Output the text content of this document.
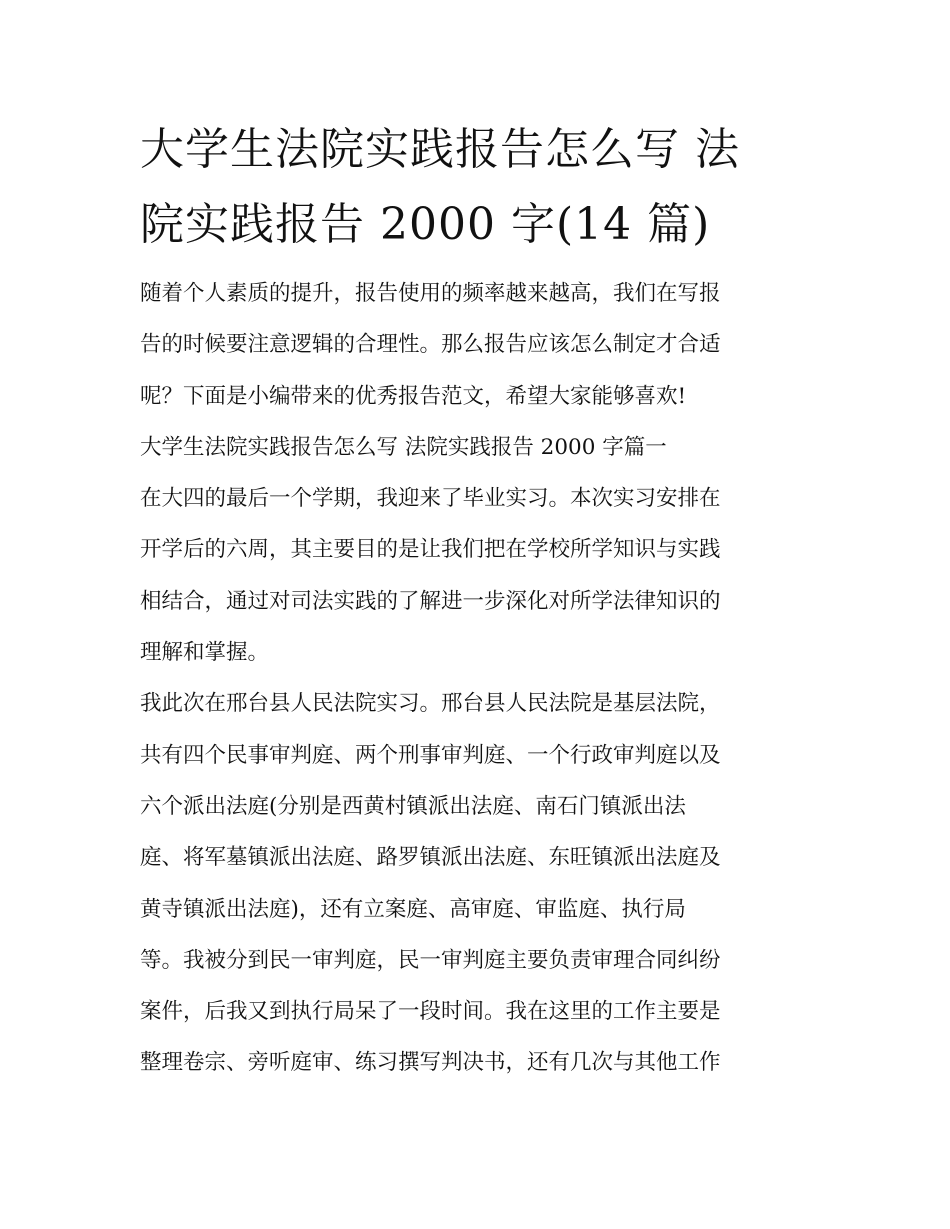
大学生法院实践报告怎么写 法
院实践报告 2000 字(14 篇)

随着个人素质的提升，报告使用的频率越来越高，我们在写报
告的时候要注意逻辑的合理性。那么报告应该怎么制定才合适
呢？下面是小编带来的优秀报告范文，希望大家能够喜欢!

大学生法院实践报告怎么写 法院实践报告 2000 字篇一

在大四的最后一个学期，我迎来了毕业实习。本次实习安排在
开学后的六周，其主要目的是让我们把在学校所学知识与实践
相结合，通过对司法实践的了解进一步深化对所学法律知识的
理解和掌握。

我此次在邢台县人民法院实习。邢台县人民法院是基层法院，
共有四个民事审判庭、两个刑事审判庭、一个行政审判庭以及
六个派出法庭(分别是西黄村镇派出法庭、南石门镇派出法
庭、将军墓镇派出法庭、路罗镇派出法庭、东旺镇派出法庭及
黄寺镇派出法庭)，还有立案庭、高审庭、审监庭、执行局
等。我被分到民一审判庭，民一审判庭主要负责审理合同纠纷
案件，后我又到执行局呆了一段时间。我在这里的工作主要是
整理卷宗、旁听庭审、练习撰写判决书，还有几次与其他工作
